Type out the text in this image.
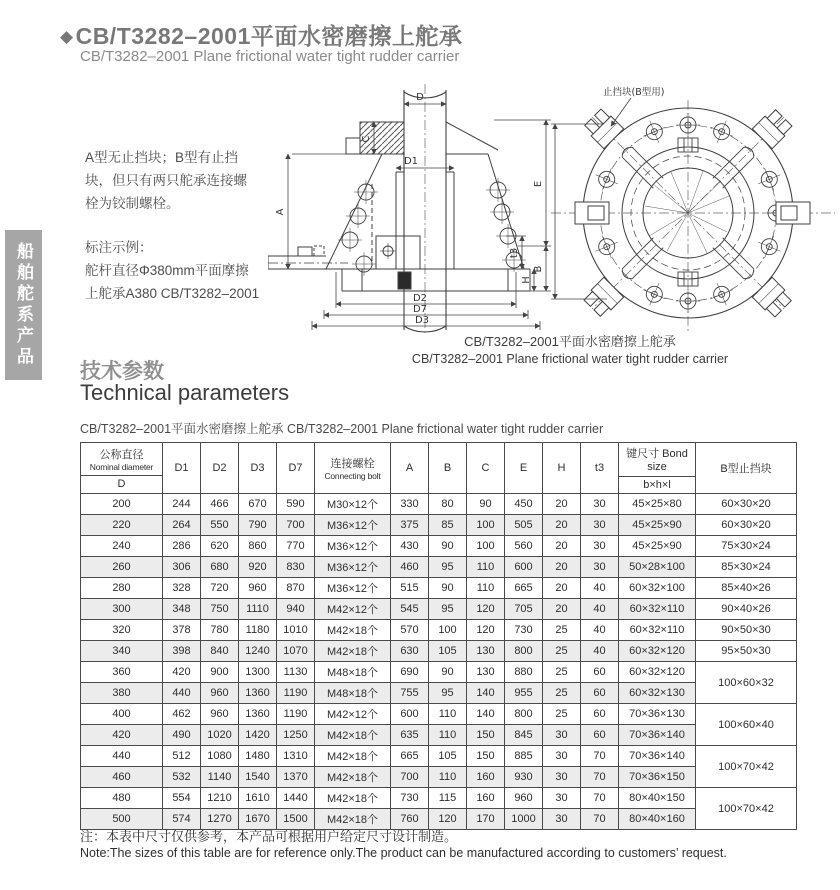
◆CB/T3282–2001平面水密磨擦上舵承
CB/T3282–2001 Plane frictional water tight rudder carrier
船舶舵系产品
A型无止挡块；B型有止挡
块，但只有两只舵承连接螺
栓为铰制螺栓。
标注示例：
舵杆直径Φ380mm平面摩擦
上舵承A380 CB/T3282–2001
D
C
D1
A
E
t3
B
H
D2
D7
D3
止挡块(B型用)
CB/T3282–2001平面水密磨擦上舵承
CB/T3282–2001 Plane frictional water tight rudder carrier
技术参数
Technical parameters
CB/T3282–2001平面水密磨擦上舵承 CB/T3282–2001 Plane frictional water tight rudder carrier
公称直径
Nominal diameter
D
	D1	D2	D3	D7	连接螺栓
Connecting bolt
	A	B	C	E	H	t3	
键尺寸 Bond size
b×h×l
	B型止挡块
200	244	466	670	590	M30×12个	330	80	90	450	20	30	45×25×80	60×30×20
220	264	550	790	700	M36×12个	375	85	100	505	20	30	45×25×90	60×30×20
240	286	620	860	770	M36×12个	430	90	100	560	20	30	45×25×90	75×30×24
260	306	680	920	830	M36×12个	460	95	110	600	20	30	50×28×100	85×30×24
280	328	720	960	870	M36×12个	515	90	110	665	20	40	60×32×100	85×40×26
300	348	750	1110	940	M42×12个	545	95	120	705	20	40	60×32×110	90×40×26
320	378	780	1180	1010	M42×18个	570	100	120	730	25	40	60×32×110	90×50×30
340	398	840	1240	1070	M42×18个	630	105	130	800	25	40	60×32×120	95×50×30
360	420	900	1300	1130	M48×18个	690	90	130	880	25	60	60×32×120	100×60×32
380	440	960	1360	1190	M48×18个	755	95	140	955	25	60	60×32×130	
400	462	960	1360	1190	M42×12个	600	110	140	800	25	60	70×36×130	100×60×40
420	490	1020	1420	1250	M42×18个	635	110	150	845	30	60	70×36×140	
440	512	1080	1480	1310	M42×18个	665	105	150	885	30	70	70×36×140	100×70×42
460	532	1140	1540	1370	M42×18个	700	110	160	930	30	70	70×36×150	
480	554	1210	1610	1440	M42×18个	730	115	160	960	30	70	80×40×150	100×70×42
500	574	1270	1670	1500	M42×18个	760	120	170	1000	30	70	80×40×160	
注：本表中尺寸仅供参考，本产品可根据用户给定尺寸设计制造。
Note:The sizes of this table are for reference only.The product can be manufactured according to customers’ request.
